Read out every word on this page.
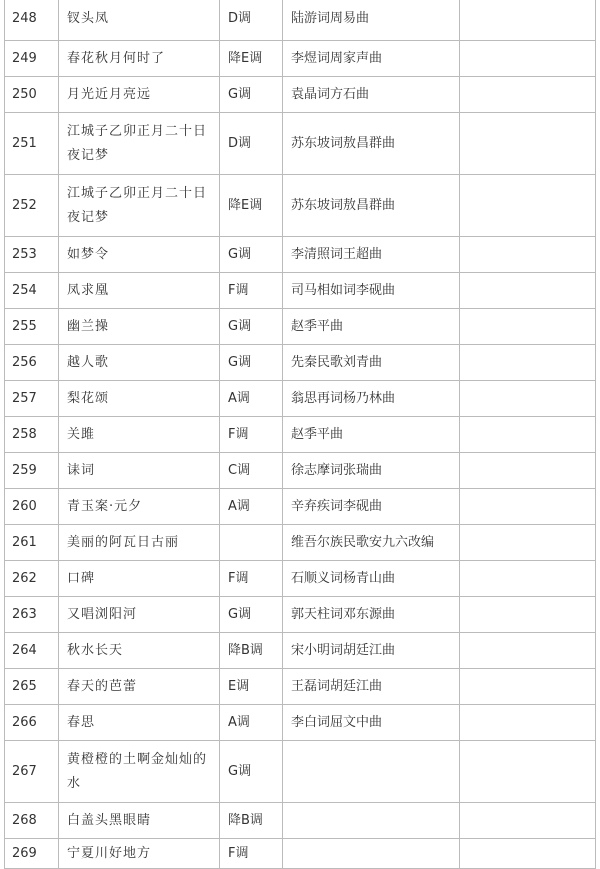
248	钗头凤	D调	陆游词周易曲	
249	春花秋月何时了	降E调	李煜词周家声曲	
250	月光近月亮远	G调	袁晶词方石曲	
251	江城子乙卯正月二十日夜记梦	D调	苏东坡词敖昌群曲	
252	江城子乙卯正月二十日夜记梦	降E调	苏东坡词敖昌群曲	
253	如梦令	G调	李清照词王超曲	
254	凤求凰	F调	司马相如词李砚曲	
255	幽兰操	G调	赵季平曲	
256	越人歌	G调	先秦民歌刘青曲	
257	梨花颂	A调	翁思再词杨乃林曲	
258	关雎	F调	赵季平曲	
259	诔词	C调	徐志摩词张瑞曲	
260	青玉案·元夕	A调	辛弃疾词李砚曲	
261	美丽的阿瓦日古丽		维吾尔族民歌安九六改编	
262	口碑	F调	石顺义词杨青山曲	
263	又唱浏阳河	G调	郭天柱词邓东源曲	
264	秋水长天	降B调	宋小明词胡廷江曲	
265	春天的芭蕾	E调	王磊词胡廷江曲	
266	春思	A调	李白词屈文中曲	
267	黄橙橙的土啊金灿灿的水	G调		
268	白盖头黑眼睛	降B调		
269	宁夏川好地方	F调		
